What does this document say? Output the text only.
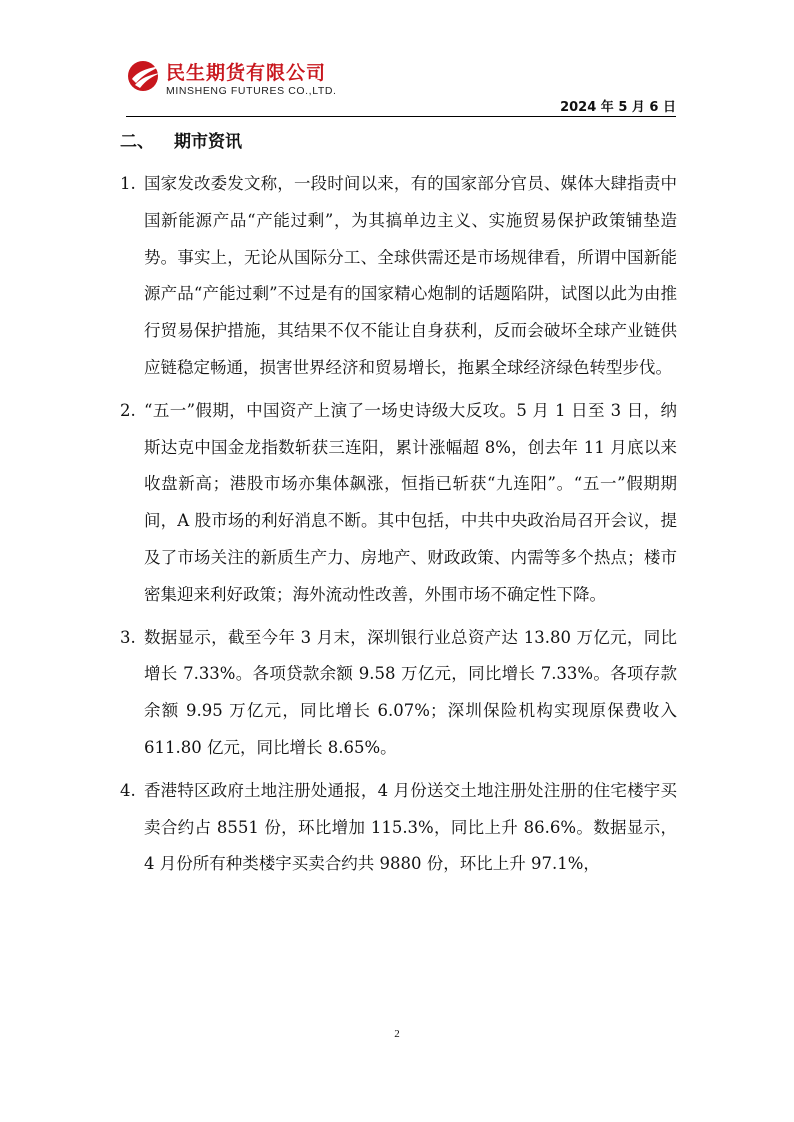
民生期货有限公司
MINSHENG FUTURES CO.,LTD.
2024 年 5 月 6 日
二、 期市资讯

1. 国家发改委发文称，一段时间以来，有的国家部分官员、媒体大肆指责中国新能源产品“产能过剩”，为其搞单边主义、实施贸易保护政策铺垫造势。事实上，无论从国际分工、全球供需还是市场规律看，所谓中国新能源产品“产能过剩”不过是有的国家精心炮制的话题陷阱，试图以此为由推行贸易保护措施，其结果不仅不能让自身获利，反而会破坏全球产业链供应链稳定畅通，损害世界经济和贸易增长，拖累全球经济绿色转型步伐。

2. “五一”假期，中国资产上演了一场史诗级大反攻。5 月 1 日至 3 日，纳斯达克中国金龙指数斩获三连阳，累计涨幅超 8%，创去年 11 月底以来收盘新高；港股市场亦集体飙涨，恒指已斩获“九连阳”。“五一”假期期间，A 股市场的利好消息不断。其中包括，中共中央政治局召开会议，提及了市场关注的新质生产力、房地产、财政政策、内需等多个热点；楼市密集迎来利好政策；海外流动性改善，外围市场不确定性下降。

3. 数据显示，截至今年 3 月末，深圳银行业总资产达 13.80 万亿元，同比增长 7.33%。各项贷款余额 9.58 万亿元，同比增长 7.33%。各项存款余额 9.95 万亿元，同比增长 6.07%；深圳保险机构实现原保费收入 611.80 亿元，同比增长 8.65%。

4. 香港特区政府土地注册处通报，4 月份送交土地注册处注册的住宅楼宇买卖合约占 8551 份，环比增加 115.3%，同比上升 86.6%。数据显示，4 月份所有种类楼宇买卖合约共 9880 份，环比上升 97.1%，

2
